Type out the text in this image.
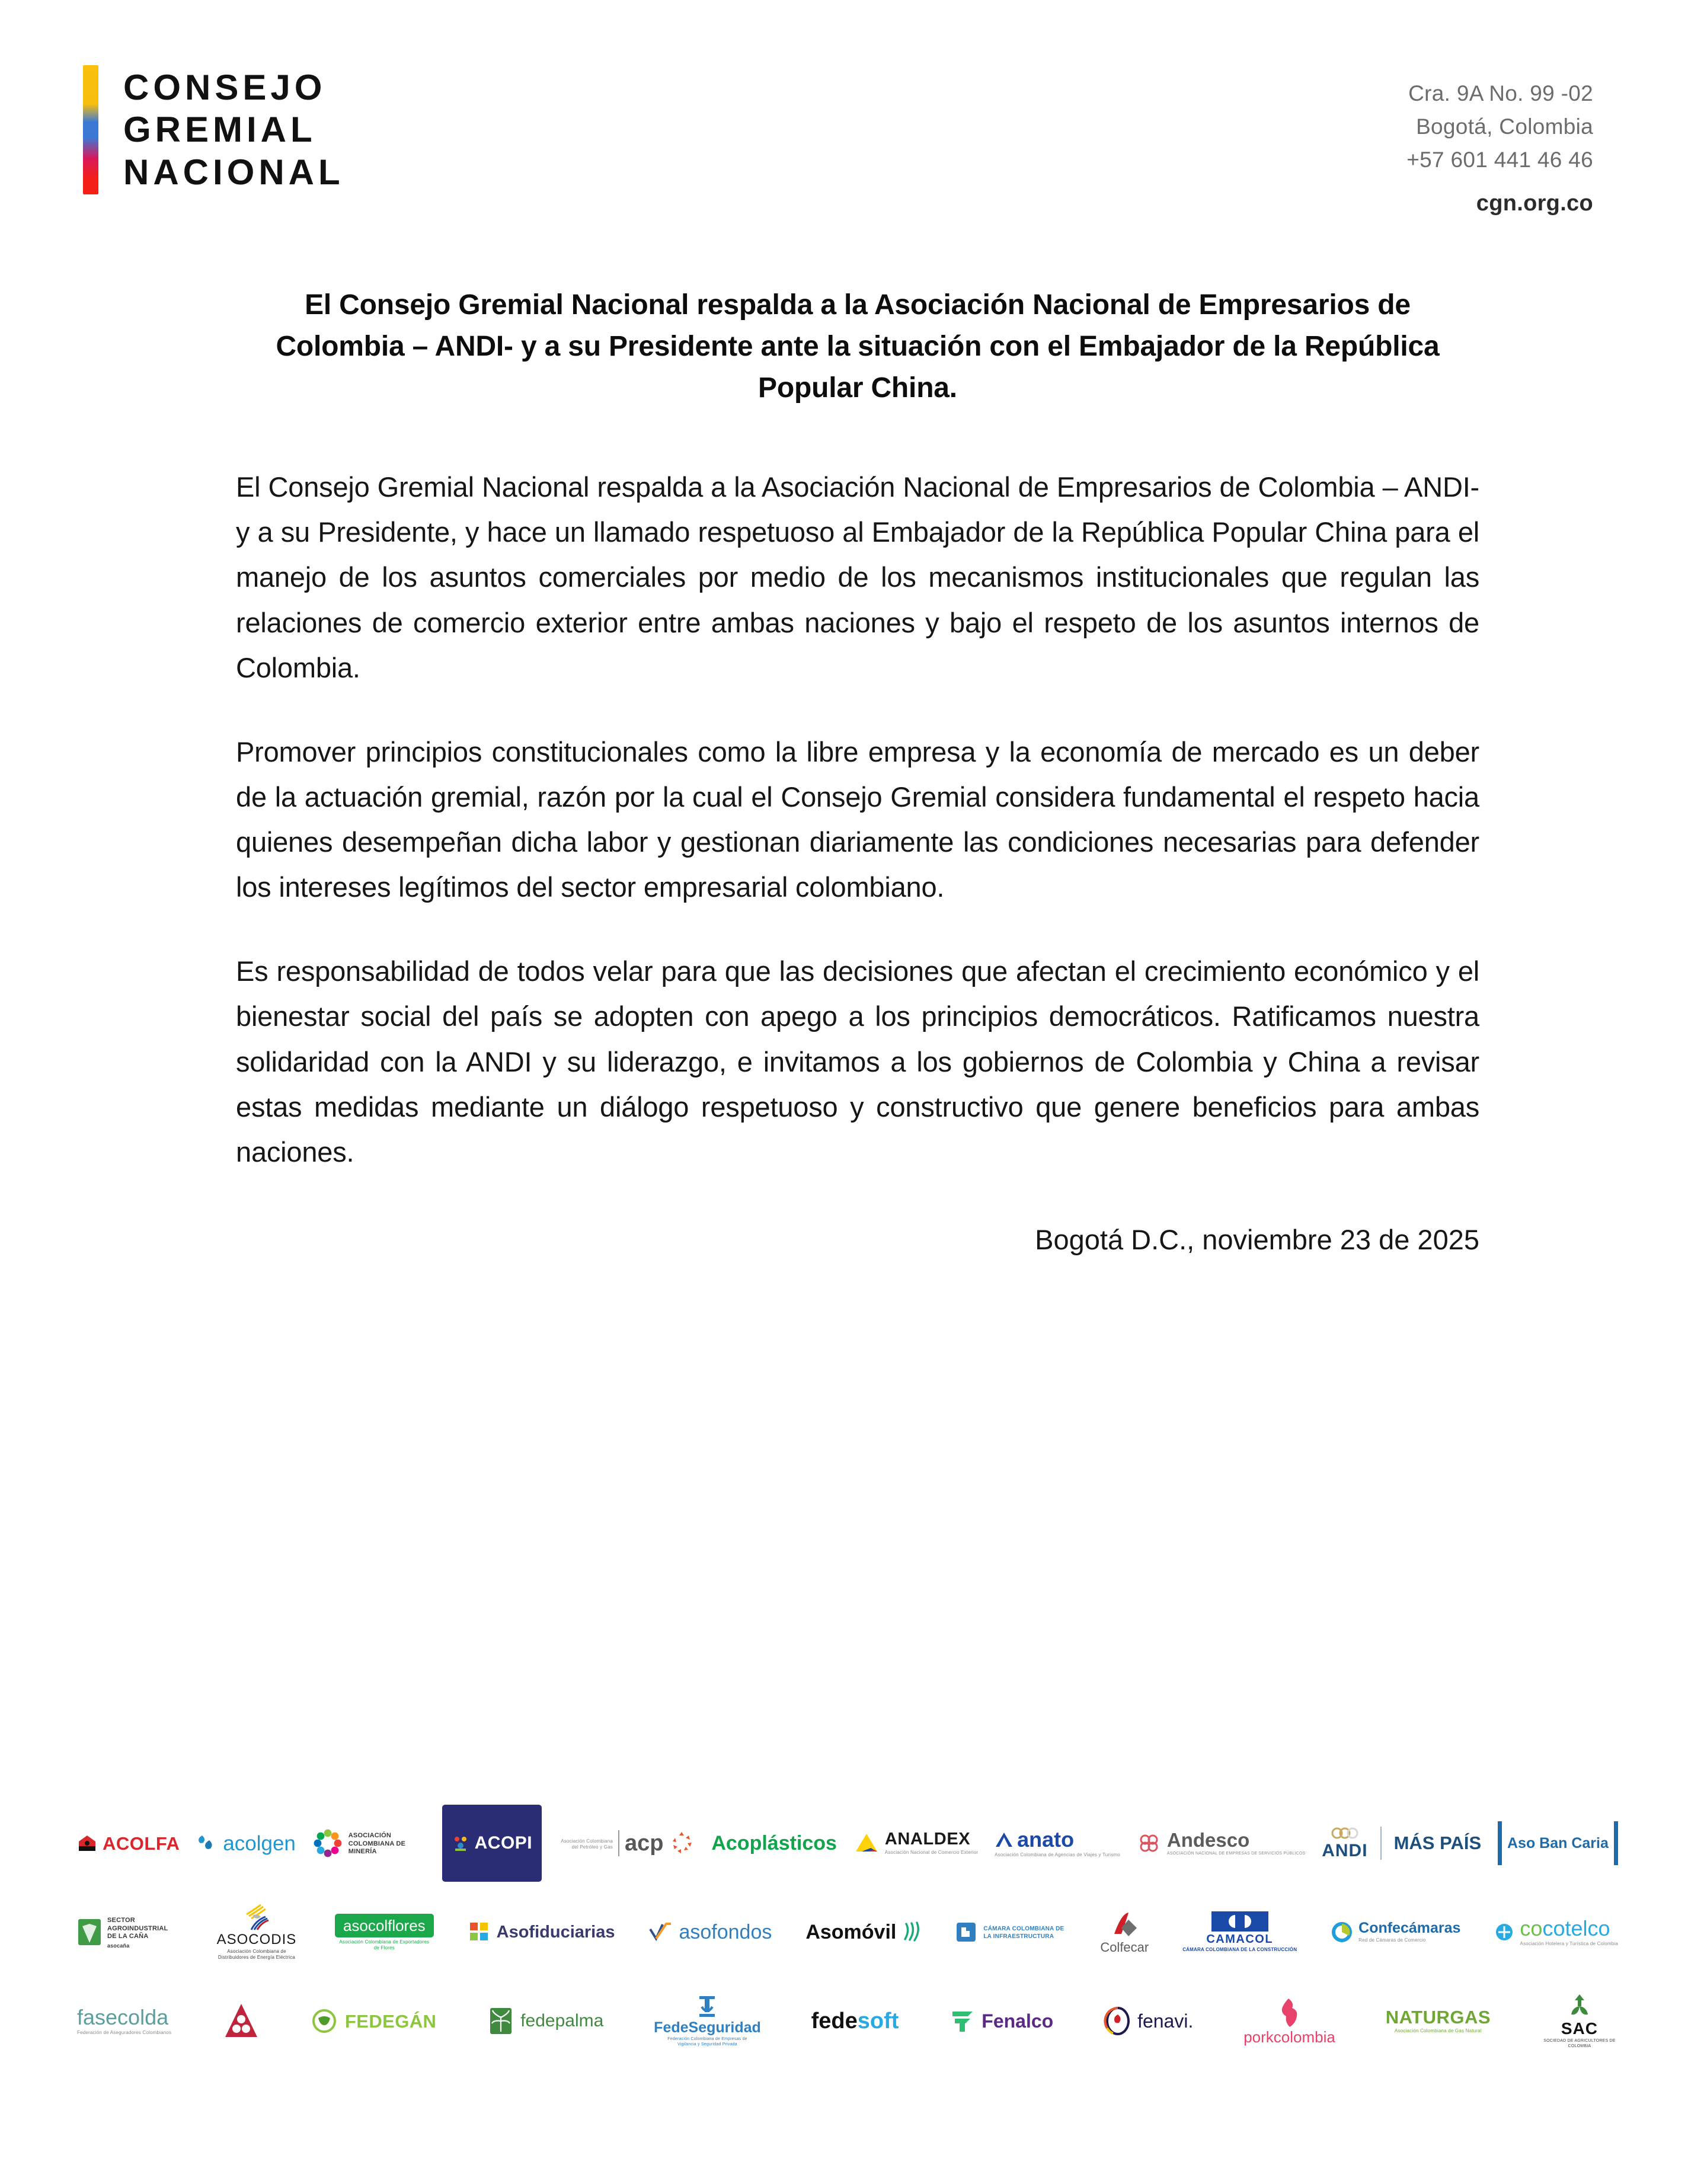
CONSEJO
GREMIAL
NACIONAL
Cra. 9A No. 99 -02
Bogotá, Colombia
+57 601 441 46 46
cgn.org.co
El Consejo Gremial Nacional respalda a la Asociación Nacional de Empresarios de Colombia – ANDI- y a su Presidente ante la situación con el Embajador de la República Popular China.

El Consejo Gremial Nacional respalda a la Asociación Nacional de Empresarios de Colombia – ANDI- y a su Presidente, y hace un llamado respetuoso al Embajador de la República Popular China para el manejo de los asuntos comerciales por medio de los mecanismos institucionales que regulan las relaciones de comercio exterior entre ambas naciones y bajo el respeto de los asuntos internos de Colombia.

Promover principios constitucionales como la libre empresa y la economía de mercado es un deber de la actuación gremial, razón por la cual el Consejo Gremial considera fundamental el respeto hacia quienes desempeñan dicha labor y gestionan diariamente las condiciones necesarias para defender los intereses legítimos del sector empresarial colombiano.

Es responsabilidad de todos velar para que las decisiones que afectan el crecimiento económico y el bienestar social del país se adopten con apego a los principios democráticos. Ratificamos nuestra solidaridad con la ANDI y su liderazgo, e invitamos a los gobiernos de Colombia y China a revisar estas medidas mediante un diálogo respetuoso y constructivo que genere beneficios para ambas naciones.

Bogotá D.C., noviembre 23 de 2025
ACOLFA acolgen	ASOCIACIÓN COLOMBIANA DE MINERÍA	ACOPI	Asociación Colombiana del Petróleo y Gas acp Acoplásticos	ANALDEX
Asociación Nacional de Comercio Exterior
anato
Asociación Colombiana de Agencias de Viajes y Turismo
Andesco
ASOCIACIÓN NACIONAL DE EMPRESAS DE SERVICIOS PÚBLICOS ANDI MÁS PAÍS Aso Ban Caria
SECTOR AGROINDUSTRIAL DE LA CAÑA
asocaña	ASOCODIS
Asociación Colombiana de Distribuidores de Energía Eléctrica
asocolflores
Asociación Colombiana de Exportadores de Flores
Asofiduciarias	asofondos Asomóvil	CÁMARA COLOMBIANA DE LA INFRAESTRUCTURA
Colfecar
CAMACOL
CÁMARA COLOMBIANA DE LA CONSTRUCCIÓN
Confecámaras
Red de Cámaras de Comercio	cocotelco
Asociación Hotelera y Turística de Colombia
fasecolda
Federación de Aseguradores Colombianos
FEDEGÁN	fedepalma	FedeSeguridad
Federación Colombiana de Empresas de Vigilancia y Seguridad Privada
fedesoft	Fenalco	fenavi.
porkcolombia
NATURGAS
Asociación Colombiana de Gas Natural	SAC
SOCIEDAD DE AGRICULTORES DE COLOMBIA
